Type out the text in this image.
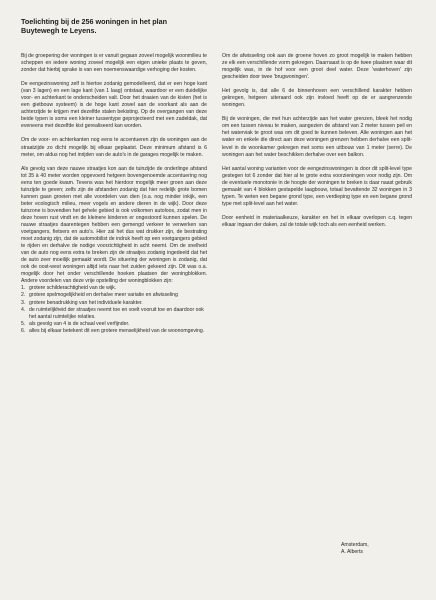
Toelichting bij de 256 woningen in het plan
Buytewegh te Leyens.

Bij de groepering der woningen is er vanuit gegaan zoveel mogelijk woonmilieu te scheppen en iedere woning zoveel mogelijk een eigen unieke plaats te geven, zonder dat hierbij sprake is van een noemenswaardige verhoging der kosten.

De eengezinswoning zelf is hiertoe zodanig gemodelleerd, dat er een hoge kant (van 3 lagen) en een lage kant (van 1 laag) ontstaat, waardoor er een duidelijke voor- en achterkant te onderscheiden valt. Door het draaien van de kisten (het is een gietbouw systeem) is de hoge kant zowel aan de voorkant als aan de achterzijde te krijgen met dezelfde stalen bekisting. Op de overgangen van deze beide typen is soms een kleiner tussentype geprojecteerd met een zadeldak, dat eveneens met dezelfde kist gerealiseerd kan worden.

Om de voor- en achterkanten nog eens te accentueren zijn de woningen aan de straatzijde zo dicht mogelijk bij elkaar geplaatst. Deze minimum afstand is 6 meter, om aldus nog het inrijden van de auto's in de garages mogelijk te maken.

Als gevolg van deze nauwe straatjes kon aan de tuinzijde de onderlinge afstand tot 35 à 40 meter worden opgevoerd hetgeen bovengenoemde accentuering nog eens ten goede kwam. Tevens was het hierdoor mogelijk meer groen aan deze tuinzijde te geven; zelfs zijn de afstanden zodanig dat hier redelijk grote bomen kunnen gaan groeien met alle voordelen van dien (o.a. nog minder inkijk, een beter ecologisch milieu, meer vogels en andere dieren in de wijk). Door deze tuinzone is bovendien het gehele gebied is ook volkomen autoloos, zodat men in deze hoven rust vindt en de kleinere kinderen er ongestoord kunnen spelen. De nauwe straatjes daarentegen hebben een gemengd verkeer te verwerken van voetgangers, fietsers en auto's. Hier zal het dus wat drukker zijn, de bestrating moet zodanig zijn, dat de automobilist de indruk heeft op een voetgangers gebied te rijden en derhalve de nodige voorzichtigheid in acht neemt. Om de snelheid van de auto nog eens extra te breken zijn de straatjes zodanig ingedeeld dat het de auto zeer moeilijk gemaakt wordt. De situering der woningen is zodanig, dat ook de oost-west woningen altijd iets naar het zuiden gekeerd zijn. Dit was o.a. mogelijk door het onder verschillende hoeken plaatsen der woningblokken. Andere voordelen van deze vrije opstelling der woningblokken zijn:

1. grotere schilderachtigheid van de wijk.
2. grotere spelmogelijkheid en derhalve meer variatie en afwisseling
3. grotere benadrukking van het individuele karakter.
4. de ruimtelijkheid der straatjes neemt toe en voelt vooruit toe en daardoor ook het aantal ruimtelijke relaties.
5. als gevolg van 4 is de schaal veel verfijnder.
6. alles bij elkaar betekent dit een grotere menselijkheid van de woonomgeving.

Om de afwisseling ook aan de groene hoven zo groot mogelijk te maken hebben ze elk een verschillende vorm gekregen. Daarnaast is op de twee plaatsen waar dit mogelijk was, in de hof voor een groot deel water. Deze 'waterhoven' zijn gescheiden door twee 'brugwoningen'.

Het gevolg is, dat alle 6 de binnenhoven een verschillend karakter hebben gekregen, hetgeen uiteraard ook zijn invloed heeft op de er aangrenzende woningen.

Bij de woningen, die met hun achterzijde aan het water grenzen, bleek het nodig om een tussen niveau te maken, aangezien de afstand van 2 meter tussen peil en het waterviak te groot was om dit goed te kunnen beleven. Alle woningen aan het water en enkele die direct aan deze woningen grenzen hebben derhalve een split-level in de woonkamer gekregen met soms een uitbouw van 1 meter (serre). De woningen aan het water beschikken derhalve over een balkon.

Het aantal woning varianten voor de eengezinswoningen is door dit split-level type gestegen tot 6 zonder dat hier al te grote extra voorzieningen voor nodig zijn. Om de eventuele monotonie in de hoogte der woningen te breken is daar naast gebruik gemaakt van 4 blokken gestapelde laagbouw, totaal bevattende 32 woningen in 3 typen. Te weten een begane grond type, een verdieping type en een begane grond type met split-level aan het water.

Door eenheid in materiaalkeuze, karakter en het in elkaar overlopen c.q. tegen elkaar ingaan der daken, zal de totale wijk toch als een eenheid werken.

Amsterdam,
A. Alberts
